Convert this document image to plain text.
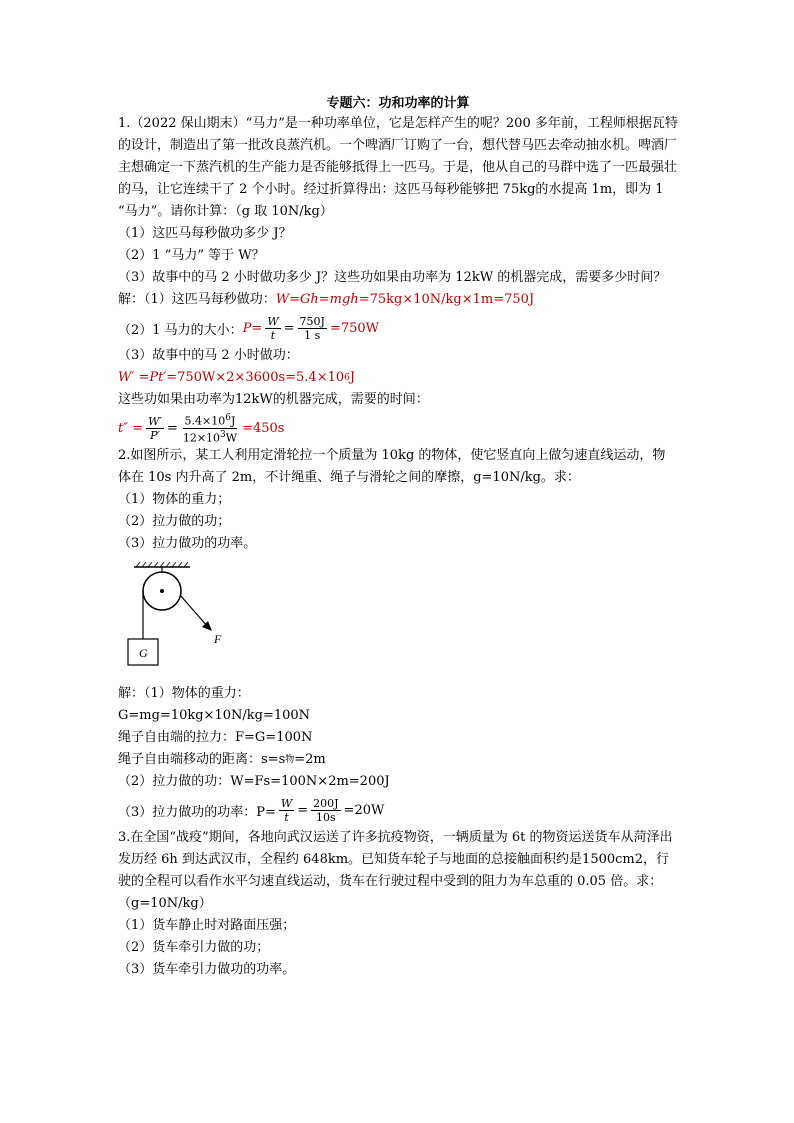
专题六：功和功率的计算

1.（2022 保山期末）“马力”是一种功率单位，它是怎样产生的呢？200 多年前，工程师根据瓦特的设计，制造出了第一批改良蒸汽机。一个啤酒厂订购了一台，想代替马匹去牵动抽水机。啤酒厂主想确定一下蒸汽机的生产能力是否能够抵得上一匹马。于是，他从自己的马群中选了一匹最强壮的马，让它连续干了 2 个小时。经过折算得出：这匹马每秒能够把 75kg的水提高 1m，即为 1 “马力”。请你计算：（g 取 10N/kg）

（1）这匹马每秒做功多少 J？

（2）1 “马力” 等于 W？

（3）故事中的马 2 小时做功多少 J？这些功如果由功率为 12kW 的机器完成，需要多少时间？

解：（1）这匹马每秒做功： W=Gh=mgh =75kg×10N/kg×1m=750J
（2）1 马力的大小： $P= \frac{W}{t} = \frac{750J}{1 s} =750W$
（3）故事中的马 2 小时做功：
W′ =Pt′ =750W×2×3600s=5.4×10 6 J

这些功如果由功率为12kW的机器完成，需要的时间：

$t'' = \frac{W'}{P'} = \frac{5.4\times 10^6J}{12\times 10^3W} =450s$

2.如图所示，某工人利用定滑轮拉一个质量为 10kg 的物体，使它竖直向上做匀速直线运动，物体在 10s 内升高了 2m，不计绳重、绳子与滑轮之间的摩擦，g=10N/kg。求：

（1）物体的重力；

（2）拉力做的功；

（3）拉力做功的功率。

F
G

解：（1）物体的重力：

G=mg=10kg×10N/kg=100N

绳子自由端的拉力：F=G=100N

绳子自由端移动的距离：s=s 物 =2m

（2）拉力做的功：W=Fs=100N×2m=200J

（3）拉力做功的功率：$P= \frac{W}{t} = \frac{200J}{10s} =20W$

3.在全国“战疫”期间，各地向武汉运送了许多抗疫物资，一辆质量为 6t 的物资运送货车从菏泽出发历经 6h 到达武汉市，全程约 648km。已知货车轮子与地面的总接触面积约是1500cm2，行驶的全程可以看作水平匀速直线运动，货车在行驶过程中受到的阻力为车总重的 0.05 倍。求：（g=10N/kg）

（1）货车静止时对路面压强；

（2）货车牵引力做的功；

（3）货车牵引力做功的功率。
